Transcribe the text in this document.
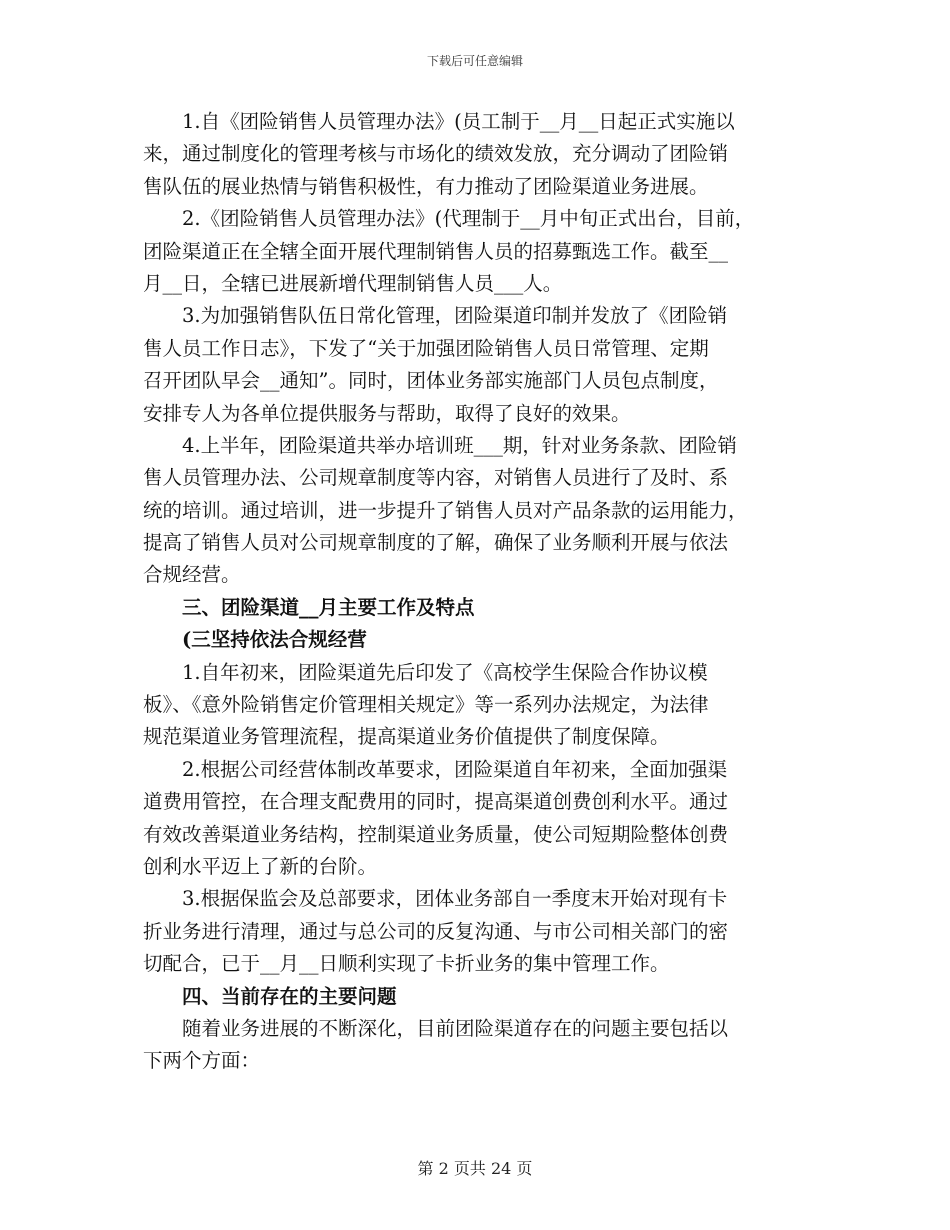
下载后可任意编辑
　　1.自《团险销售人员管理办法》(员工制于__月__日起正式实施以
来，通过制度化的管理考核与市场化的绩效发放，充分调动了团险销
售队伍的展业热情与销售积极性，有力推动了团险渠道业务进展。
　　2.《团险销售人员管理办法》(代理制于__月中旬正式出台，目前，
团险渠道正在全辖全面开展代理制销售人员的招募甄选工作。截至__
月__日，全辖已进展新增代理制销售人员___人。
　　3.为加强销售队伍日常化管理，团险渠道印制并发放了《团险销
售人员工作日志》，下发了“关于加强团险销售人员日常管理、定期
召开团队早会__通知”。同时，团体业务部实施部门人员包点制度，
安排专人为各单位提供服务与帮助，取得了良好的效果。
　　4.上半年，团险渠道共举办培训班___期，针对业务条款、团险销
售人员管理办法、公司规章制度等内容，对销售人员进行了及时、系
统的培训。通过培训，进一步提升了销售人员对产品条款的运用能力，
提高了销售人员对公司规章制度的了解，确保了业务顺利开展与依法
合规经营。
　　三、团险渠道__月主要工作及特点
　　(三坚持依法合规经营
　　1.自年初来，团险渠道先后印发了《高校学生保险合作协议模
板》、《意外险销售定价管理相关规定》等一系列办法规定，为法律
规范渠道业务管理流程，提高渠道业务价值提供了制度保障。
　　2.根据公司经营体制改革要求，团险渠道自年初来，全面加强渠
道费用管控，在合理支配费用的同时，提高渠道创费创利水平。通过
有效改善渠道业务结构，控制渠道业务质量，使公司短期险整体创费
创利水平迈上了新的台阶。
　　3.根据保监会及总部要求，团体业务部自一季度末开始对现有卡
折业务进行清理，通过与总公司的反复沟通、与市公司相关部门的密
切配合，已于__月__日顺利实现了卡折业务的集中管理工作。
　　四、当前存在的主要问题
　　随着业务进展的不断深化，目前团险渠道存在的问题主要包括以
下两个方面：
第 2 页共 24 页
